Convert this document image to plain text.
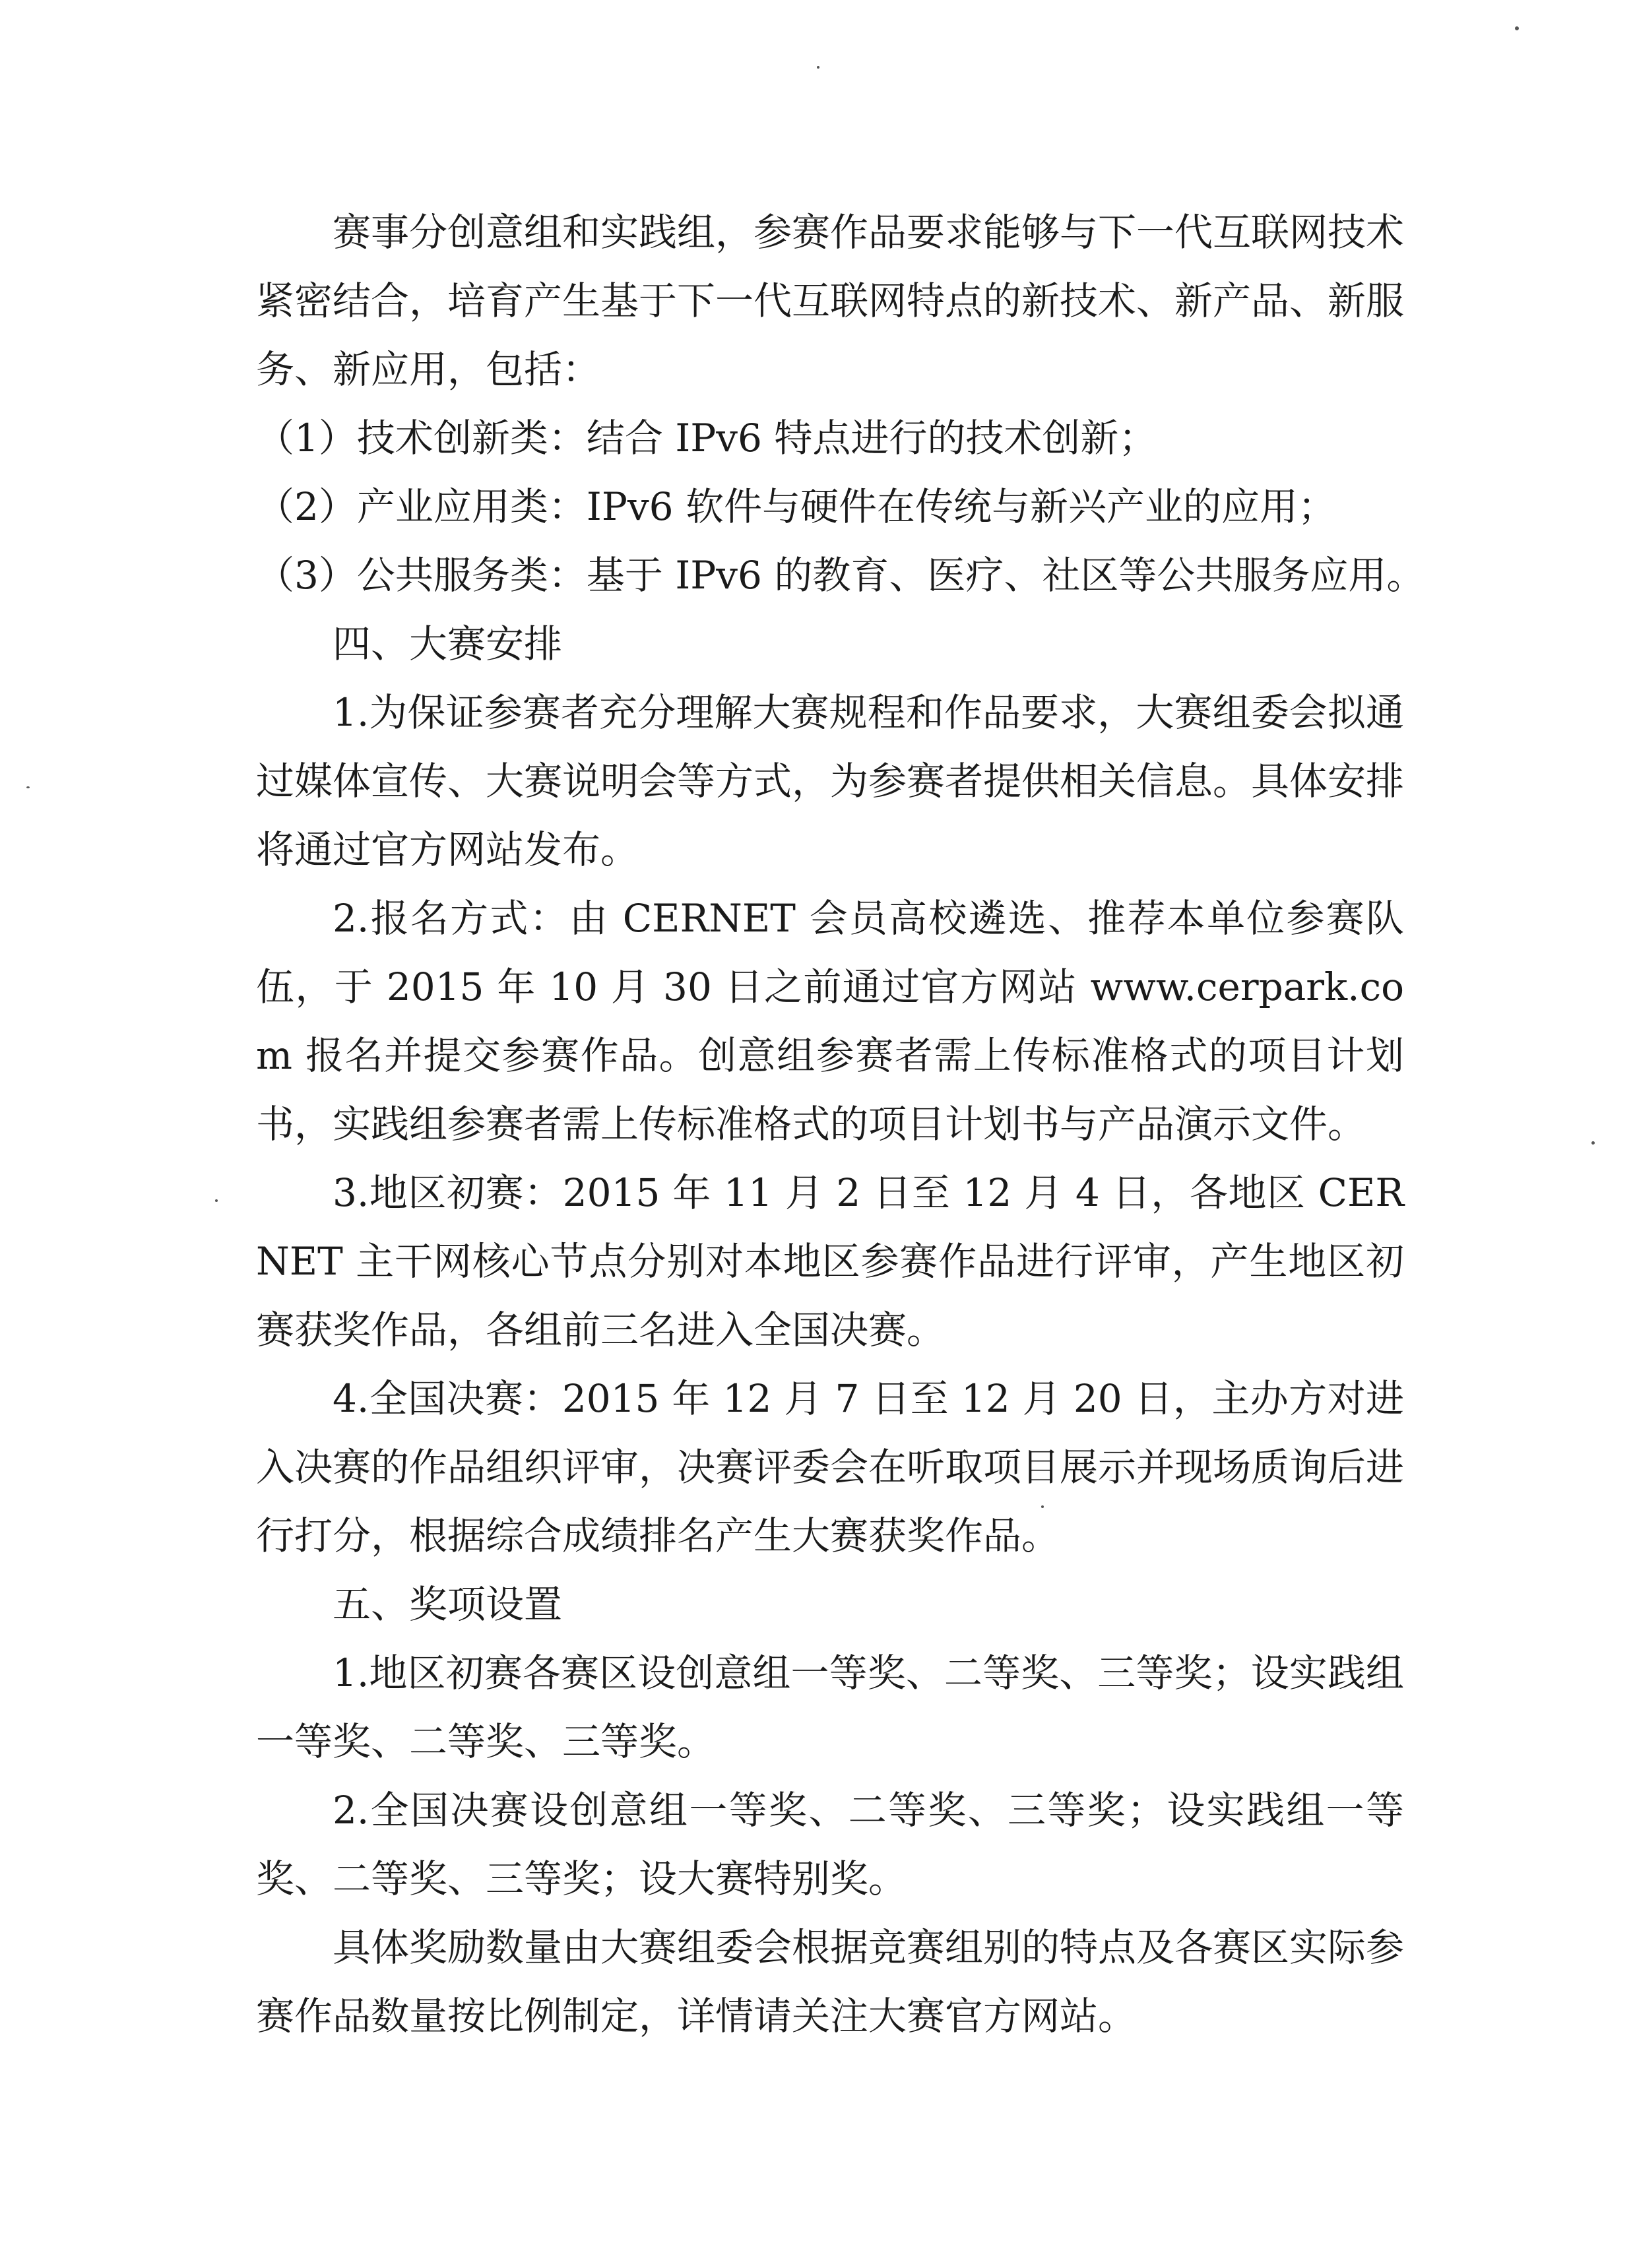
赛事分创意组和实践组，参赛作品要求能够与下一代互联网技术紧密结合，培育产生基于下一代互联网特点的新技术、新产品、新服务、新应用，包括：

（1）技术创新类：结合 IPv6 特点进行的技术创新；

（2）产业应用类：IPv6 软件与硬件在传统与新兴产业的应用；

（3）公共服务类：基于 IPv6 的教育、医疗、社区等公共服务应用。

四、大赛安排

1.为保证参赛者充分理解大赛规程和作品要求，大赛组委会拟通过媒体宣传、大赛说明会等方式，为参赛者提供相关信息。具体安排将通过官方网站发布。

2.报名方式：由 CERNET 会员高校遴选、推荐本单位参赛队伍，于 2015 年 10 月 30 日之前通过官方网站 www.cerpark.com 报名并提交参赛作品。创意组参赛者需上传标准格式的项目计划书，实践组参赛者需上传标准格式的项目计划书与产品演示文件。

3.地区初赛：2015 年 11 月 2 日至 12 月 4 日，各地区 CERNET 主干网核心节点分别对本地区参赛作品进行评审，产生地区初赛获奖作品，各组前三名进入全国决赛。

4.全国决赛：2015 年 12 月 7 日至 12 月 20 日，主办方对进入决赛的作品组织评审，决赛评委会在听取项目展示并现场质询后进行打分，根据综合成绩排名产生大赛获奖作品。

五、奖项设置

1.地区初赛各赛区设创意组一等奖、二等奖、三等奖；设实践组一等奖、二等奖、三等奖。

2.全国决赛设创意组一等奖、二等奖、三等奖；设实践组一等奖、二等奖、三等奖；设大赛特别奖。

具体奖励数量由大赛组委会根据竞赛组别的特点及各赛区实际参赛作品数量按比例制定，详情请关注大赛官方网站。
